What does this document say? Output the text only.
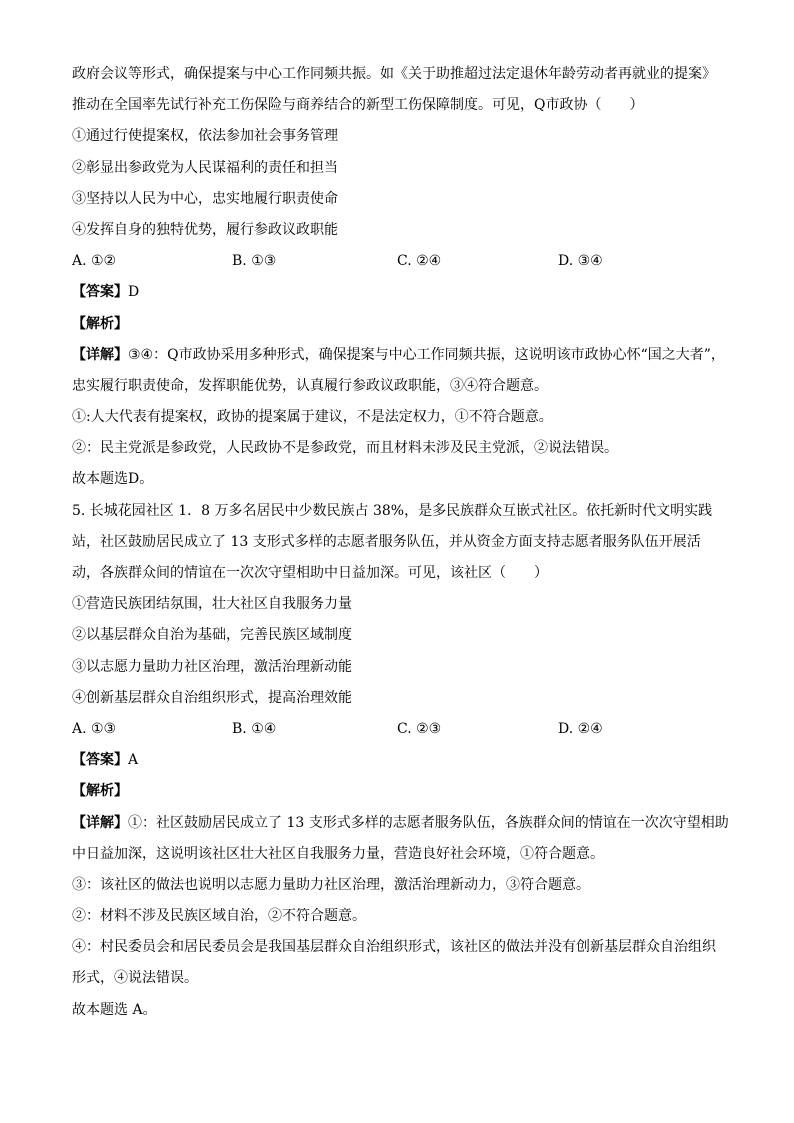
政府会议等形式，确保提案与中心工作同频共振。如《关于助推超过法定退休年龄劳动者再就业的提案》
推动在全国率先试行补充工伤保险与商养结合的新型工伤保障制度。可见，Q市政协（　　）
①通过行使提案权，依法参加社会事务管理
②彰显出参政党为人民谋福利的责任和担当
③坚持以人民为中心，忠实地履行职责使命
④发挥自身的独特优势，履行参政议政职能
A. ①②	B. ①③	C. ②④	D. ③④
【答案】D
【解析】
【详解】③④：Q市政协采用多种形式，确保提案与中心工作同频共振，这说明该市政协心怀“国之大者”，
忠实履行职责使命，发挥职能优势，认真履行参政议政职能，③④符合题意。
①:人大代表有提案权，政协的提案属于建议，不是法定权力，①不符合题意。
②：民主党派是参政党，人民政协不是参政党，而且材料未涉及民主党派，②说法错误。
故本题选D。
5. 长城花园社区 1．8 万多名居民中少数民族占 38%，是多民族群众互嵌式社区。依托新时代文明实践
站，社区鼓励居民成立了 13 支形式多样的志愿者服务队伍，并从资金方面支持志愿者服务队伍开展活
动，各族群众间的情谊在一次次守望相助中日益加深。可见，该社区（　　）
①营造民族团结氛围，壮大社区自我服务力量
②以基层群众自治为基础，完善民族区域制度
③以志愿力量助力社区治理，激活治理新动能
④创新基层群众自治组织形式，提高治理效能
A. ①③	B. ①④	C. ②③	D. ②④
【答案】A
【解析】
【详解】①：社区鼓励居民成立了 13 支形式多样的志愿者服务队伍，各族群众间的情谊在一次次守望相助
中日益加深，这说明该社区壮大社区自我服务力量，营造良好社会环境，①符合题意。
③：该社区的做法也说明以志愿力量助力社区治理，激活治理新动力，③符合题意。
②：材料不涉及民族区域自治，②不符合题意。
④：村民委员会和居民委员会是我国基层群众自治组织形式，该社区的做法并没有创新基层群众自治组织
形式，④说法错误。
故本题选 A。
